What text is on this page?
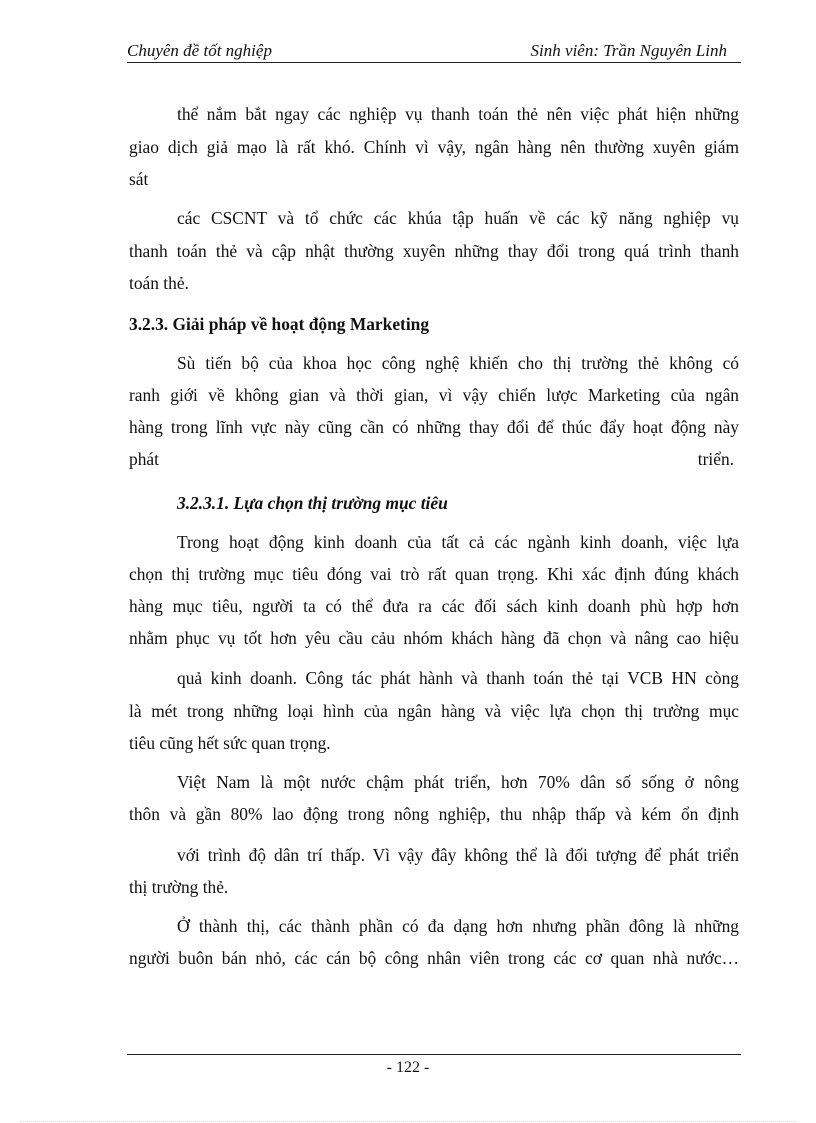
Chuyên đề tốt nghiệp	Sinh viên: Trần Nguyên Linh
thể nắm bắt ngay các nghiệp vụ thanh toán thẻ nên việc phát hiện những
giao dịch giả mạo là rất khó. Chính vì vậy, ngân hàng nên thường xuyên giám
sát
các CSCNT và tổ chức các khúa tập huấn về các kỹ năng nghiệp vụ
thanh toán thẻ và cập nhật thường xuyên những thay đổi trong quá trình thanh
toán thẻ.
3.2.3. Giải pháp về hoạt động Marketing
Sù tiến bộ của khoa học công nghệ khiến cho thị trường thẻ không có
ranh giới về không gian và thời gian, vì vậy chiến lược Marketing của ngân
hàng trong lĩnh vực này cũng cần có những thay đổi để thúc đẩy hoạt động này
phát	triển.
3.2.3.1. Lựa chọn thị trường mục tiêu
Trong hoạt động kinh doanh của tất cả các ngành kinh doanh, việc lựa
chọn thị trường mục tiêu đóng vai trò rất quan trọng. Khi xác định đúng khách
hàng mục tiêu, người ta có thể đưa ra các đối sách kinh doanh phù hợp hơn
nhằm phục vụ tốt hơn yêu cầu cảu nhóm khách hàng đã chọn và nâng cao hiệu
quả kinh doanh. Công tác phát hành và thanh toán thẻ tại VCB HN còng
là mét trong những loại hình của ngân hàng và việc lựa chọn thị trường mục
tiêu cũng hết sức quan trọng.
Việt Nam là một nước chậm phát triển, hơn 70% dân số sống ở nông
thôn và gần 80% lao động trong nông nghiệp, thu nhập thấp và kém ổn định
với trình độ dân trí thấp. Vì vậy đây không thể là đối tượng để phát triển
thị trường thẻ.
Ở thành thị, các thành phần có đa dạng hơn nhưng phần đông là những
người buôn bán nhỏ, các cán bộ công nhân viên trong các cơ quan nhà nước…
- 122 -
